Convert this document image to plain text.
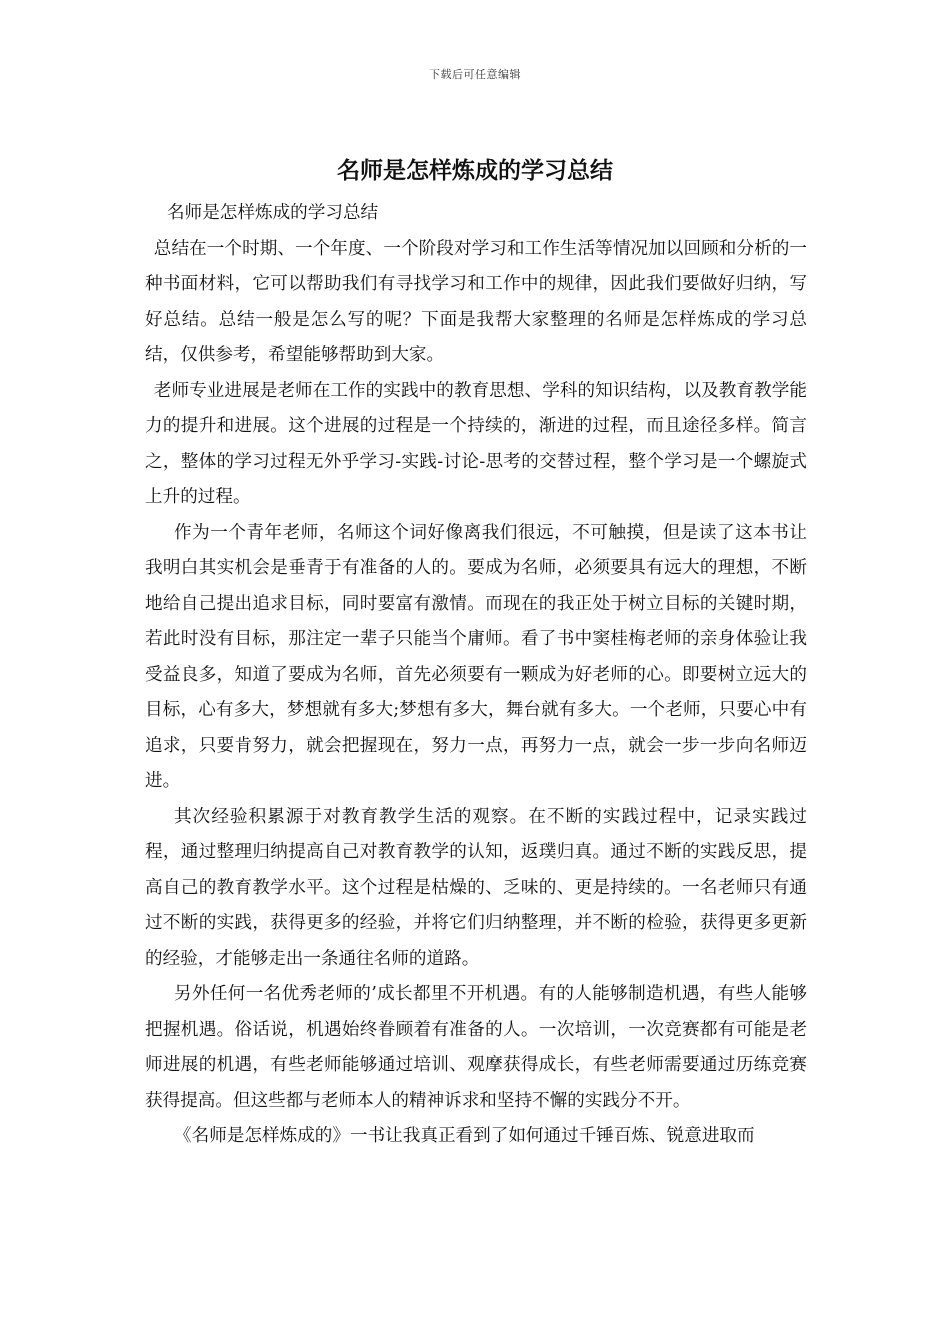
下载后可任意编辑
名师是怎样炼成的学习总结

名师是怎样炼成的学习总结

总结在一个时期、一个年度、一个阶段对学习和工作生活等情况加以回顾和分析的一种书面材料，它可以帮助我们有寻找学习和工作中的规律，因此我们要做好归纳，写好总结。总结一般是怎么写的呢？下面是我帮大家整理的名师是怎样炼成的学习总结，仅供参考，希望能够帮助到大家。

老师专业进展是老师在工作的实践中的教育思想、学科的知识结构，以及教育教学能力的提升和进展。这个进展的过程是一个持续的，渐进的过程，而且途径多样。简言之，整体的学习过程无外乎学习-实践-讨论-思考的交替过程，整个学习是一个螺旋式上升的过程。

作为一个青年老师，名师这个词好像离我们很远，不可触摸，但是读了这本书让我明白其实机会是垂青于有准备的人的。要成为名师，必须要具有远大的理想，不断地给自己提出追求目标，同时要富有激情。而现在的我正处于树立目标的关键时期，若此时没有目标，那注定一辈子只能当个庸师。看了书中窦桂梅老师的亲身体验让我受益良多，知道了要成为名师，首先必须要有一颗成为好老师的心。即要树立远大的目标，心有多大，梦想就有多大;梦想有多大，舞台就有多大。一个老师，只要心中有追求，只要肯努力，就会把握现在，努力一点，再努力一点，就会一步一步向名师迈进。

其次经验积累源于对教育教学生活的观察。在不断的实践过程中，记录实践过程，通过整理归纳提高自己对教育教学的认知，返璞归真。通过不断的实践反思，提高自己的教育教学水平。这个过程是枯燥的、乏味的、更是持续的。一名老师只有通过不断的实践，获得更多的经验，并将它们归纳整理，并不断的检验，获得更多更新的经验，才能够走出一条通往名师的道路。

另外任何一名优秀老师的’成长都里不开机遇。有的人能够制造机遇，有些人能够把握机遇。俗话说，机遇始终眷顾着有准备的人。一次培训，一次竞赛都有可能是老师进展的机遇，有些老师能够通过培训、观摩获得成长，有些老师需要通过历练竞赛获得提高。但这些都与老师本人的精神诉求和坚持不懈的实践分不开。

《名师是怎样炼成的》一书让我真正看到了如何通过千锤百炼、锐意进取而
